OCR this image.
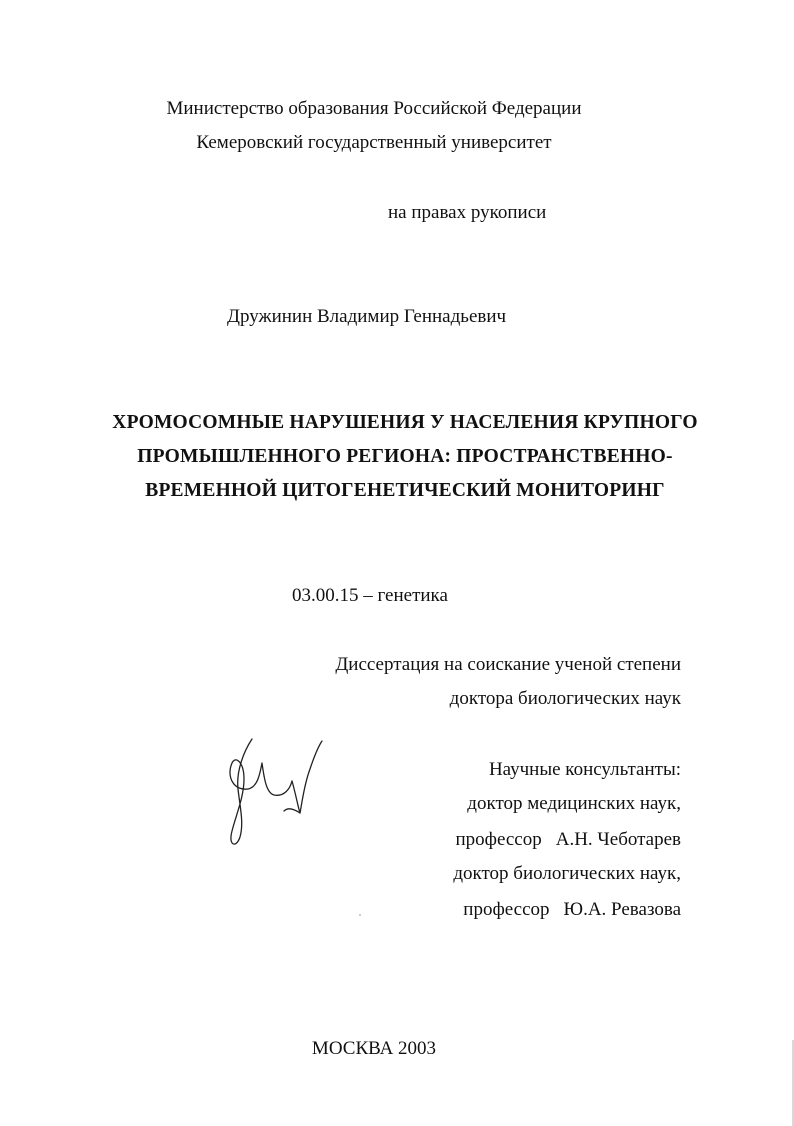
Министерство образования Российской Федерации
Кемеровский государственный университет
на правах рукописи
Дружинин Владимир Геннадьевич
ХРОМОСОМНЫЕ НАРУШЕНИЯ У НАСЕЛЕНИЯ КРУПНОГО
ПРОМЫШЛЕННОГО РЕГИОНА: ПРОСТРАНСТВЕННО-
ВРЕМЕННОЙ ЦИТОГЕНЕТИЧЕСКИЙ МОНИТОРИНГ
03.00.15 – генетика
Диссертация на соискание ученой степени
доктора биологических наук
Научные консультанты:
доктор медицинских наук,
профессор А.Н. Чеботарев
доктор биологических наук,
профессор Ю.А. Ревазова
МОСКВА 2003
